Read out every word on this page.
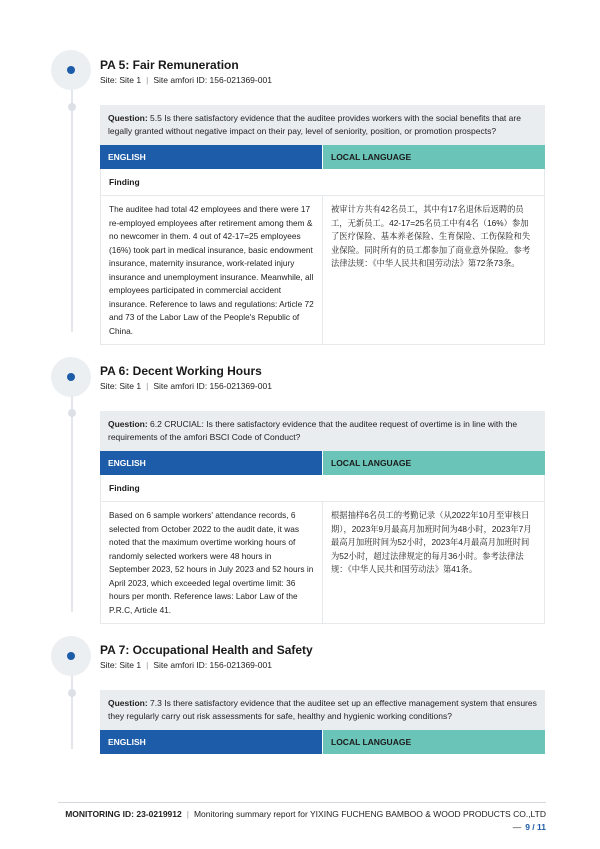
PA 5: Fair Remuneration
Site: Site 1 | Site amfori ID: 156-021369-001
Question: 5.5 Is there satisfactory evidence that the auditee provides workers with the social benefits that are legally granted without negative impact on their pay, level of seniority, position, or promotion prospects?
ENGLISH	LOCAL LANGUAGE
Finding
The auditee had total 42 employees and there were 17 re-employed employees after retirement among them & no newcomer in them. 4 out of 42-17=25 employees (16%) took part in medical insurance, basic endowment insurance, maternity insurance, work-related injury insurance and unemployment insurance. Meanwhile, all employees participated in commercial accident insurance. Reference to laws and regulations: Article 72 and 73 of the Labor Law of the People's Republic of China.
被审计方共有42名员工，其中有17名退休后返聘的员工，无新员工。42-17=25名员工中有4名（16%）参加了医疗保险、基本养老保险、生育保险、工伤保险和失业保险。同时所有的员工都参加了商业意外保险。参考法律法规：《中华人民共和国劳动法》第72条73条。
PA 6: Decent Working Hours
Site: Site 1 | Site amfori ID: 156-021369-001
Question: 6.2 CRUCIAL: Is there satisfactory evidence that the auditee request of overtime is in line with the requirements of the amfori BSCI Code of Conduct?
ENGLISH	LOCAL LANGUAGE
Finding
Based on 6 sample workers' attendance records, 6 selected from October 2022 to the audit date, it was noted that the maximum overtime working hours of randomly selected workers were 48 hours in September 2023, 52 hours in July 2023 and 52 hours in April 2023, which exceeded legal overtime limit: 36 hours per month. Reference laws: Labor Law of the P.R.C, Article 41.
根据抽样6名员工的考勤记录（从2022年10月至审核日期），2023年9月最高月加班时间为48小时，2023年7月最高月加班时间为52小时，2023年4月最高月加班时间为52小时，超过法律规定的每月36小时。参考法律法规：《中华人民共和国劳动法》第41条。
PA 7: Occupational Health and Safety
Site: Site 1 | Site amfori ID: 156-021369-001
Question: 7.3 Is there satisfactory evidence that the auditee set up an effective management system that ensures they regularly carry out risk assessments for safe, healthy and hygienic working conditions?
ENGLISH	LOCAL LANGUAGE
MONITORING ID: 23-0219912 | Monitoring summary report for YIXING FUCHENG BAMBOO & WOOD PRODUCTS CO.,LTD — 9 / 11
